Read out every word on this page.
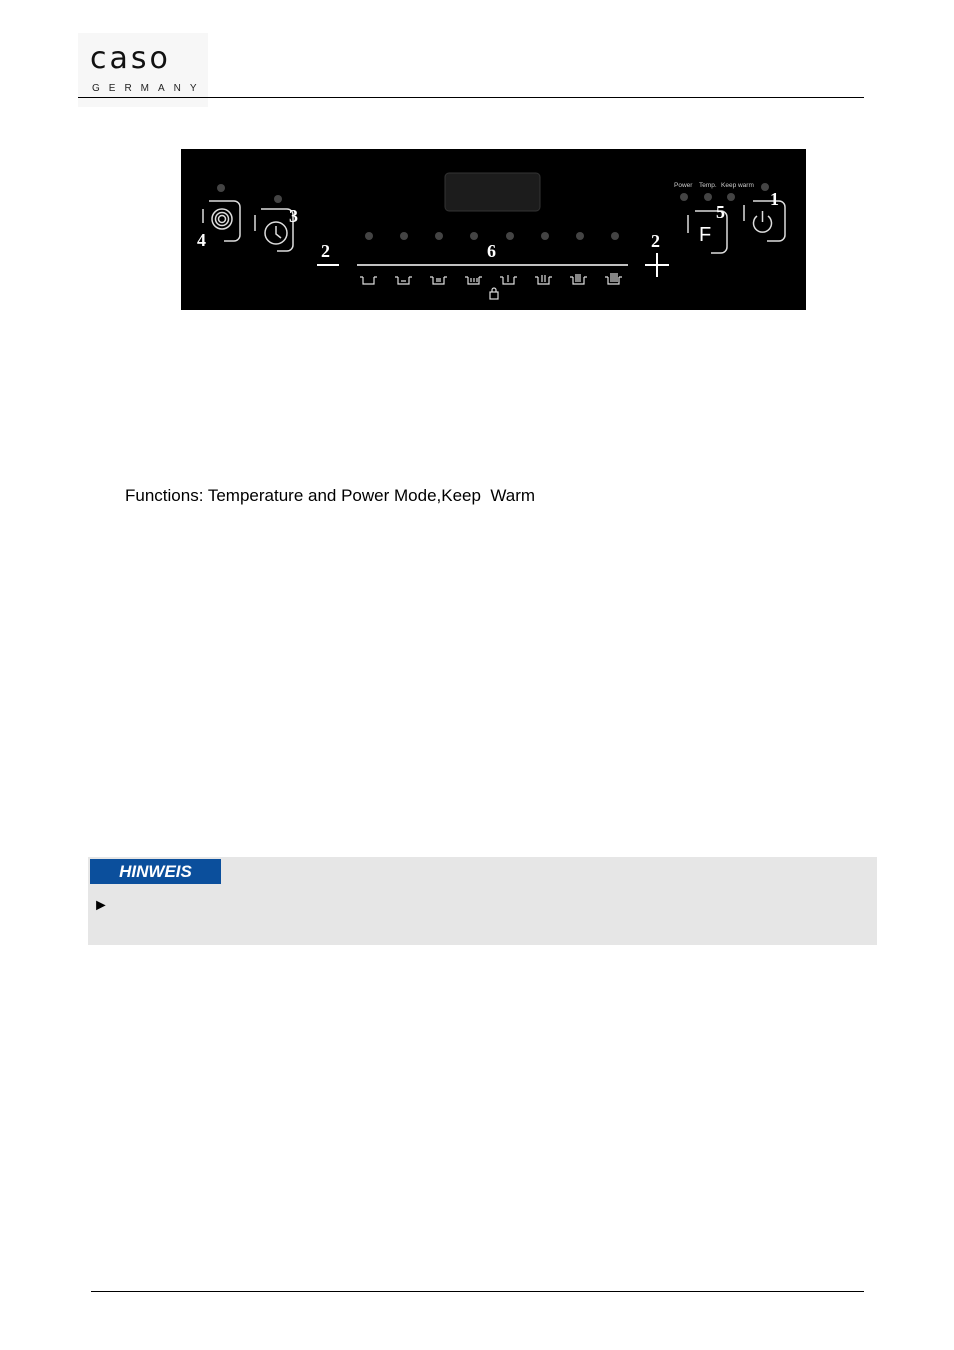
caso
GERMANY
4
3
2	6	2
Power Temp. Keep warm
F
5
1
Functions: Temperature and Power Mode,Keep  Warm
HINWEIS
►
